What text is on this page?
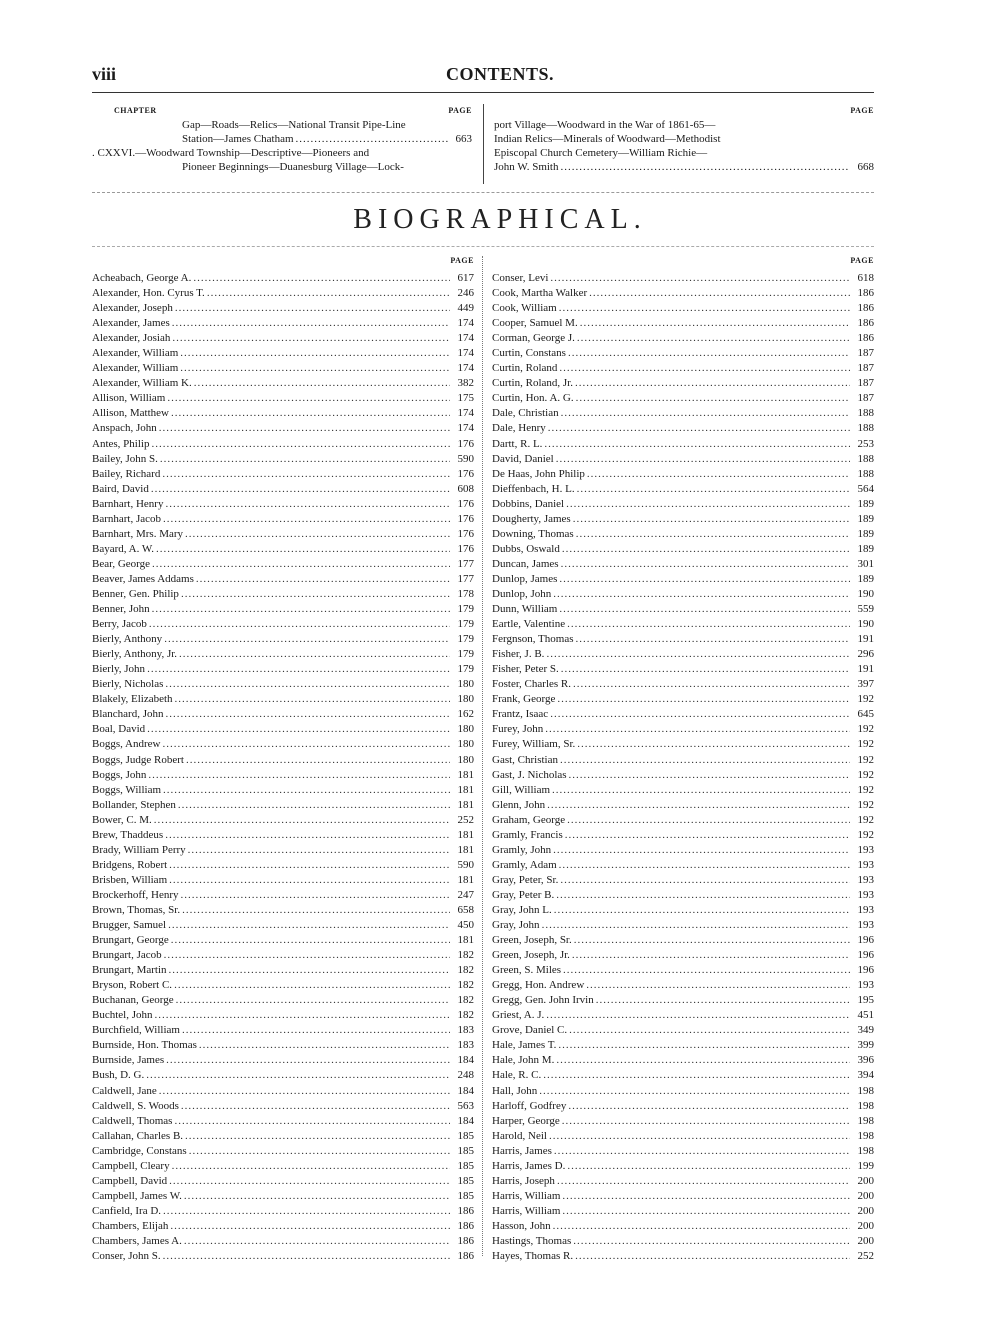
viii	CONTENTS.
CHAPTER	PAGE
Gap—Roads—Relics—National Transit Pipe-Line
Station—James Chatham .....	663
. CXXVI.—Woodward Township—Descriptive—Pioneers and
Pioneer Beginnings—Duanesburg Village—Lock-
PAGE
port Village—Woodward in the War of 1861-65—
Indian Relics—Minerals of Woodward—Methodist
Episcopal Church Cemetery—William Richie—
John W. Smith .....	668
BIOGRAPHICAL.
PAGE
Acheabach, George A. .....	617
Alexander, Hon. Cyrus T. .....	246
Alexander, Joseph .....	449
Alexander, James .....	174
Alexander, Josiah .....	174
Alexander, William .....	174
Alexander, William .....	174
Alexander, William K. .....	382
Allison, William .....	175
Allison, Matthew .....	174
Anspach, John .....	174
Antes, Philip .....	176
Bailey, John S. .....	590
Bailey, Richard .....	176
Baird, David .....	608
Barnhart, Henry .....	176
Barnhart, Jacob .....	176
Barnhart, Mrs. Mary .....	176
Bayard, A. W. .....	176
Bear, George .....	177
Beaver, James Addams .....	177
Benner, Gen. Philip .....	178
Benner, John .....	179
Berry, Jacob .....	179
Bierly, Anthony .....	179
Bierly, Anthony, Jr. .....	179
Bierly, John .....	179
Bierly, Nicholas .....	180
Blakely, Elizabeth .....	180
Blanchard, John .....	162
Boal, David .....	180
Boggs, Andrew .....	180
Boggs, Judge Robert .....	180
Boggs, John .....	181
Boggs, William .....	181
Bollander, Stephen .....	181
Bower, C. M. .....	252
Brew, Thaddeus .....	181
Brady, William Perry .....	181
Bridgens, Robert .....	590
Brisben, William .....	181
Brockerhoff, Henry .....	247
Brown, Thomas, Sr. .....	658
Brugger, Samuel .....	450
Brungart, George .....	181
Brungart, Jacob .....	182
Brungart, Martin .....	182
Bryson, Robert C. .....	182
Buchanan, George .....	182
Buchtel, John .....	182
Burchfield, William .....	183
Burnside, Hon. Thomas .....	183
Burnside, James .....	184
Bush, D. G. .....	248
Caldwell, Jane .....	184
Caldwell, S. Woods .....	563
Caldwell, Thomas .....	184
Callahan, Charles B. .....	185
Cambridge, Constans .....	185
Campbell, Cleary .....	185
Campbell, David .....	185
Campbell, James W. .....	185
Canfield, Ira D. .....	186
Chambers, Elijah .....	186
Chambers, James A. .....	186
Conser, John S. .....	186
PAGE
Conser, Levi .....	618
Cook, Martha Walker .....	186
Cook, William .....	186
Cooper, Samuel M. .....	186
Corman, George J. .....	186
Curtin, Constans .....	187
Curtin, Roland .....	187
Curtin, Roland, Jr. .....	187
Curtin, Hon. A. G. .....	187
Dale, Christian .....	188
Dale, Henry .....	188
Dartt, R. L. .....	253
David, Daniel .....	188
De Haas, John Philip .....	188
Dieffenbach, H. L. .....	564
Dobbins, Daniel .....	189
Dougherty, James .....	189
Downing, Thomas .....	189
Dubbs, Oswald .....	189
Duncan, James .....	301
Dunlop, James .....	189
Dunlop, John .....	190
Dunn, William .....	559
Eartle, Valentine .....	190
Fergnson, Thomas .....	191
Fisher, J. B. .....	296
Fisher, Peter S. .....	191
Foster, Charles R. .....	397
Frank, George .....	192
Frantz, Isaac .....	645
Furey, John .....	192
Furey, William, Sr. .....	192
Gast, Christian .....	192
Gast, J. Nicholas .....	192
Gill, William .....	192
Glenn, John .....	192
Graham, George .....	192
Gramly, Francis .....	192
Gramly, John .....	193
Gramly, Adam .....	193
Gray, Peter, Sr. .....	193
Gray, Peter B. .....	193
Gray, John L. .....	193
Gray, John .....	193
Green, Joseph, Sr. .....	196
Green, Joseph, Jr. .....	196
Green, S. Miles .....	196
Gregg, Hon. Andrew .....	193
Gregg, Gen. John Irvin .....	195
Griest, A. J. .....	451
Grove, Daniel C. .....	349
Hale, James T. .....	399
Hale, John M. .....	396
Hale, R. C. .....	394
Hall, John .....	198
Harloff, Godfrey .....	198
Harper, George .....	198
Harold, Neil .....	198
Harris, James .....	198
Harris, James D. .....	199
Harris, Joseph .....	200
Harris, William .....	200
Harris, William .....	200
Hasson, John .....	200
Hastings, Thomas .....	200
Hayes, Thomas R. .....	252
